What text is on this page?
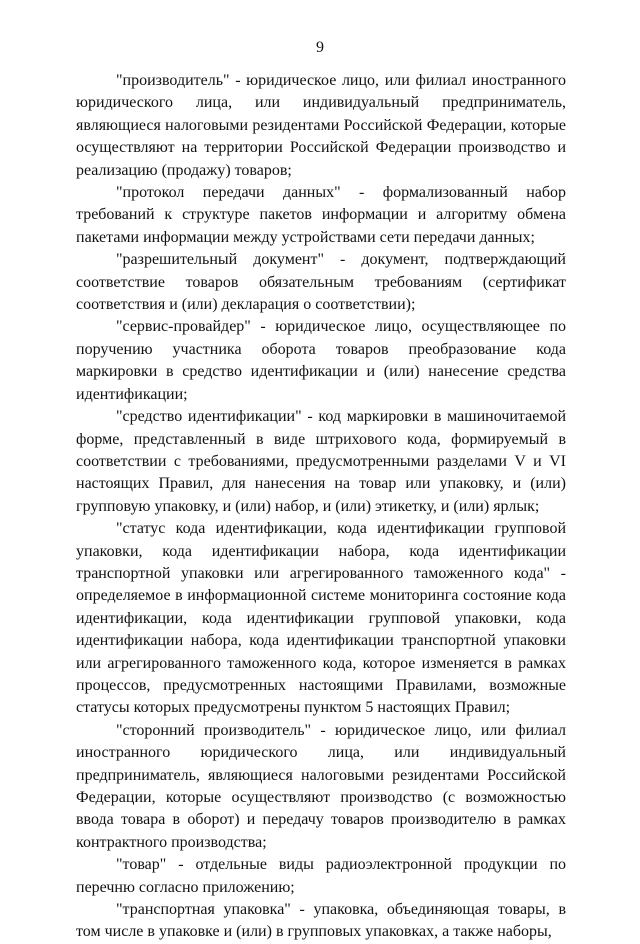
9

"производитель" - юридическое лицо, или филиал иностранного юридического лица, или индивидуальный предприниматель, являющиеся налоговыми резидентами Российской Федерации, которые осуществляют на территории Российской Федерации производство и реализацию (продажу) товаров;

"протокол передачи данных" - формализованный набор требований к структуре пакетов информации и алгоритму обмена пакетами информации между устройствами сети передачи данных;

"разрешительный документ" - документ, подтверждающий соответствие товаров обязательным требованиям (сертификат соответствия и (или) декларация о соответствии);

"сервис-провайдер" - юридическое лицо, осуществляющее по поручению участника оборота товаров преобразование кода маркировки в средство идентификации и (или) нанесение средства идентификации;

"средство идентификации" - код маркировки в машиночитаемой форме, представленный в виде штрихового кода, формируемый в соответствии с требованиями, предусмотренными разделами V и VI настоящих Правил, для нанесения на товар или упаковку, и (или) групповую упаковку, и (или) набор, и (или) этикетку, и (или) ярлык;

"статус кода идентификации, кода идентификации групповой упаковки, кода идентификации набора, кода идентификации транспортной упаковки или агрегированного таможенного кода" - определяемое в информационной системе мониторинга состояние кода идентификации, кода идентификации групповой упаковки, кода идентификации набора, кода идентификации транспортной упаковки или агрегированного таможенного кода, которое изменяется в рамках процессов, предусмотренных настоящими Правилами, возможные статусы которых предусмотрены пунктом 5 настоящих Правил;

"сторонний производитель" - юридическое лицо, или филиал иностранного юридического лица, или индивидуальный предприниматель, являющиеся налоговыми резидентами Российской Федерации, которые осуществляют производство (с возможностью ввода товара в оборот) и передачу товаров производителю в рамках контрактного производства;

"товар" - отдельные виды радиоэлектронной продукции по перечню согласно приложению;

"транспортная упаковка" - упаковка, объединяющая товары, в том числе в упаковке и (или) в групповых упаковках, а также наборы,
